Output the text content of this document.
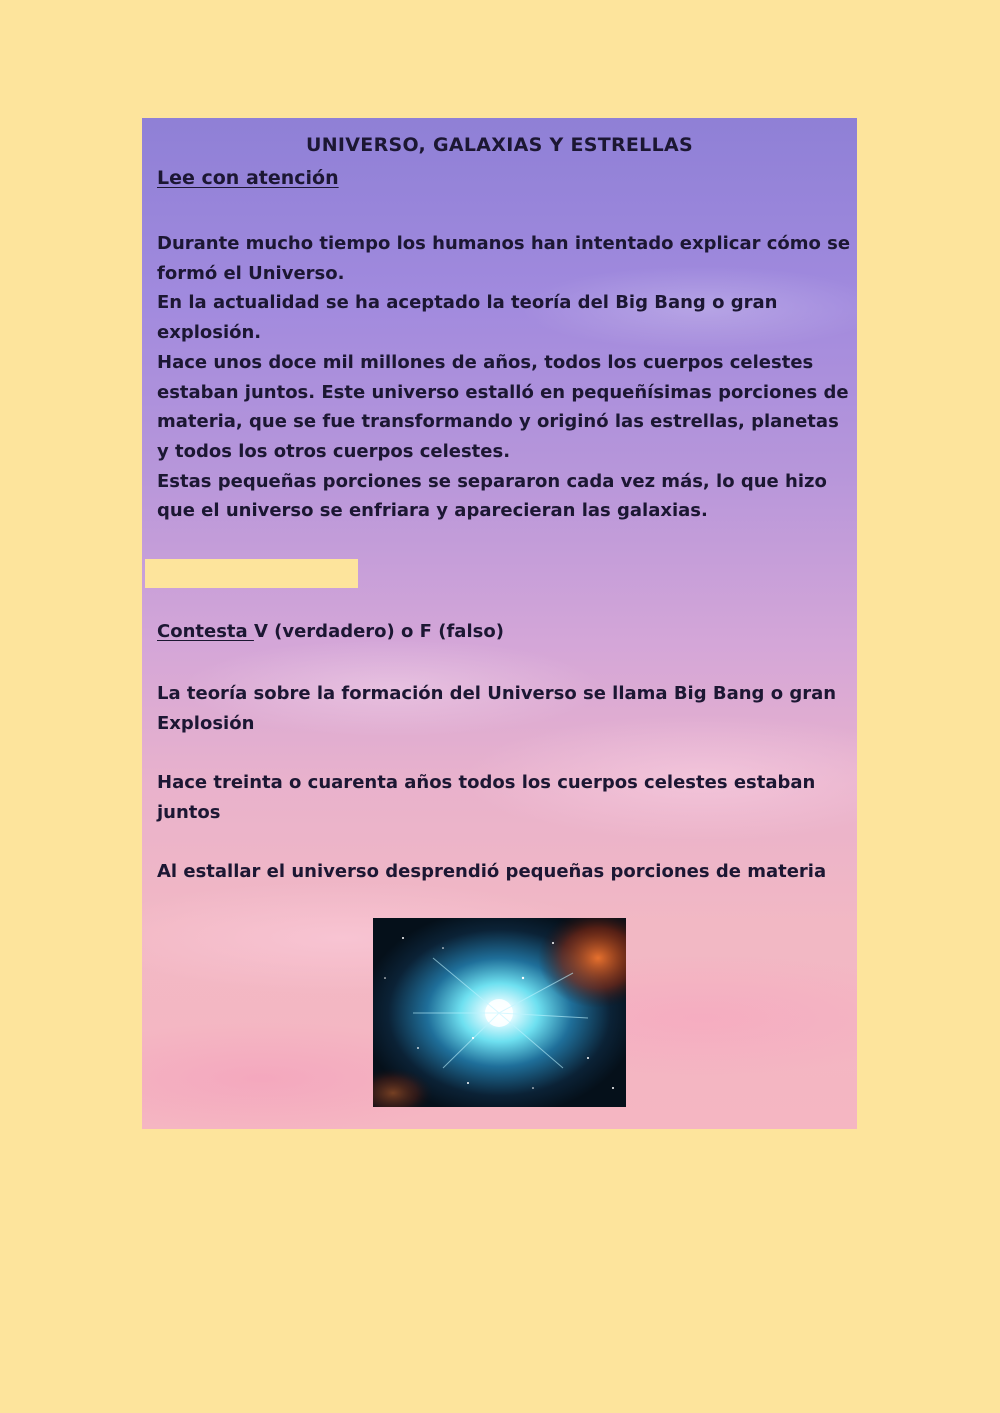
UNIVERSO, GALAXIAS Y ESTRELLAS
Lee con atención

Durante mucho tiempo los humanos han intentado explicar cómo se formó el Universo.
En la actualidad se ha aceptado la teoría del Big Bang o gran explosión.
Hace unos doce mil millones de años, todos los cuerpos celestes estaban juntos. Este universo estalló en pequeñísimas porciones de materia, que se fue transformando y originó las estrellas, planetas y todos los otros cuerpos celestes.
Estas pequeñas porciones se separaron cada vez más, lo que hizo que el universo se enfriara y aparecieran las galaxias.

Contesta V (verdadero) o F (falso)

La teoría sobre la formación del Universo se llama Big Bang o gran Explosión

Hace treinta o cuarenta años todos los cuerpos celestes estaban juntos

Al estallar el universo desprendió pequeñas porciones de materia
